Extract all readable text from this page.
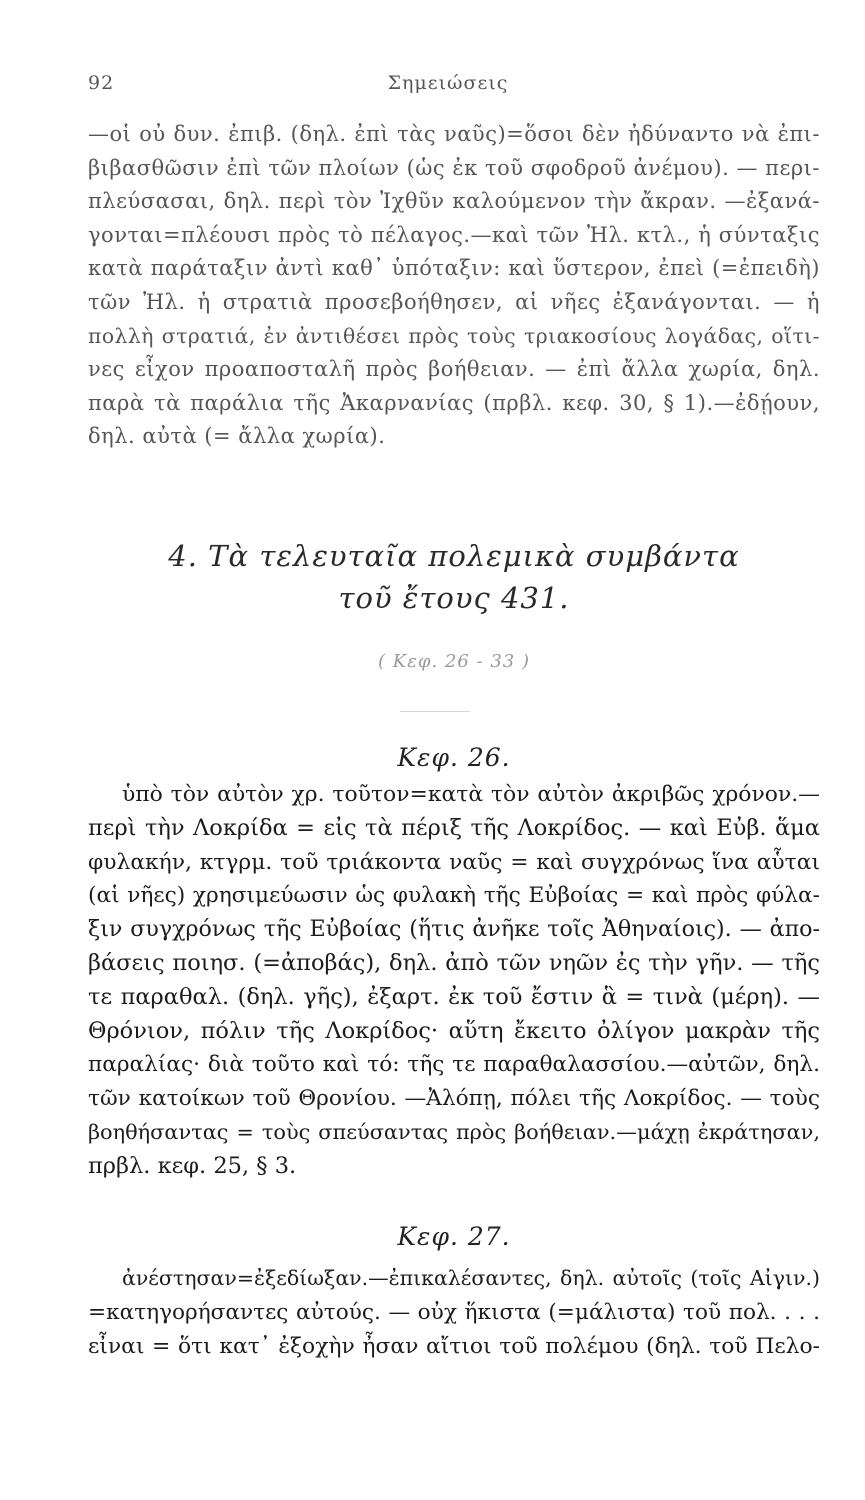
92	Σημειώσεις
—οἱ οὐ δυν. ἐπιβ. (δηλ. ἐπὶ τὰς ναῦς)=ὅσοι δὲν ἠδύναντο νὰ ἐπι-
βιβασθῶσιν ἐπὶ τῶν πλοίων (ὡς ἐκ τοῦ σφοδροῦ ἀνέμου). — περι-
πλεύσασαι, δηλ. περὶ τὸν Ἰχθῦν καλούμενον τὴν ἄκραν. —ἐξανά-
γονται=πλέουσι πρὸς τὸ πέλαγος.—καὶ τῶν Ἠλ. κτλ., ἡ σύνταξις
κατὰ παράταξιν ἀντὶ καθ᾽ ὑπόταξιν: καὶ ὕστερον, ἐπεὶ (=ἐπειδὴ)
τῶν Ἠλ. ἡ στρατιὰ προσεβοήθησεν, αἱ νῆες ἐξανάγονται. — ἡ
πολλὴ στρατιά, ἐν ἀντιθέσει πρὸς τοὺς τριακοσίους λογάδας, οἵτι-
νες εἶχον προαποσταλῆ πρὸς βοήθειαν. — ἐπὶ ἄλλα χωρία, δηλ.
παρὰ τὰ παράλια τῆς Ἀκαρνανίας (πρβλ. κεφ. 30, § 1).—ἐδῄουν,
δηλ. αὐτὰ (= ἄλλα χωρία).
4. Τὰ τελευταῖα πολεμικὰ συμβάντα
τοῦ ἔτους 431.
( Κεφ. 26 - 33 )
Κεφ. 26.
ὑπὸ τὸν αὐτὸν χρ. τοῦτον=κατὰ τὸν αὐτὸν ἀκριβῶς χρόνον.—
περὶ τὴν Λοκρίδα = εἰς τὰ πέριξ τῆς Λοκρίδος. — καὶ Εὐβ. ἅμα
φυλακήν, κτγρμ. τοῦ τριάκοντα ναῦς = καὶ συγχρόνως ἵνα αὗται
(αἱ νῆες) χρησιμεύωσιν ὡς φυλακὴ τῆς Εὐβοίας = καὶ πρὸς φύλα-
ξιν συγχρόνως τῆς Εὐβοίας (ἥτις ἀνῆκε τοῖς Ἀθηναίοις). — ἀπο-
βάσεις ποιησ. (=ἀποβάς), δηλ. ἀπὸ τῶν νηῶν ἐς τὴν γῆν. — τῆς
τε παραθαλ. (δηλ. γῆς), ἐξαρτ. ἐκ τοῦ ἔστιν ἃ = τινὰ (μέρη). —
Θρόνιον, πόλιν τῆς Λοκρίδος· αὕτη ἔκειτο ὀλίγον μακρὰν τῆς
παραλίας· διὰ τοῦτο καὶ τό: τῆς τε παραθαλασσίου.—αὐτῶν, δηλ.
τῶν κατοίκων τοῦ Θρονίου. —Ἀλόπῃ, πόλει τῆς Λοκρίδος. — τοὺς
βοηθήσαντας = τοὺς σπεύσαντας πρὸς βοήθειαν.—μάχῃ ἐκράτησαν,
πρβλ. κεφ. 25, § 3.
Κεφ. 27.
ἀνέστησαν=ἐξεδίωξαν.—ἐπικαλέσαντες, δηλ. αὐτοῖς (τοῖς Αἰγιν.)
=κατηγορήσαντες αὐτούς. — οὐχ ἥκιστα (=μάλιστα) τοῦ πολ. . . .
εἶναι = ὅτι κατ᾽ ἐξοχὴν ἦσαν αἴτιοι τοῦ πολέμου (δηλ. τοῦ Πελο-
